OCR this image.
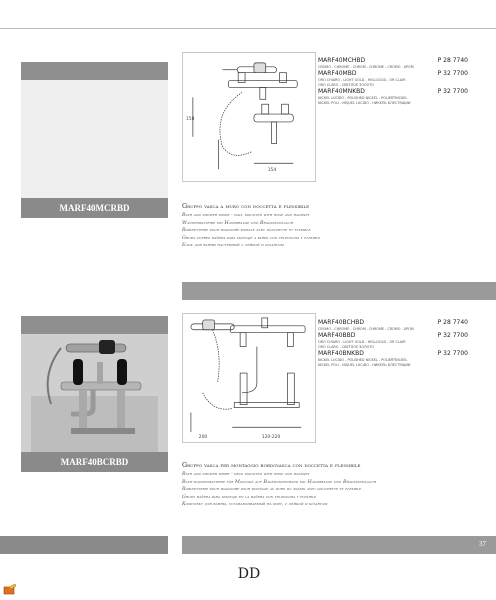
MARF40MCRBD
MARF40BCRBD
158
154
MARF40MCHBD	P 28 7740
CROMO - CHROME - CHROM - CHROME - CROMO - ХРОМ
MARF40MBD	P 32 7700
ORO CHIARO - LIGHT GOLD - HELLGOLD - OR CLAIR
ORO CLARO - СВЕТЛОЕ ЗОЛОТО
MARF40MNKBD	P 32 7700
NICKEL LUCIDO - POLISHED NICKEL - POLIERTNICKEL
NICKEL POLI - NÍQUEL LÚCIDO - НИКЕЛЬ БЛЕСТЯЩИЙ
Gruppo vasca a muro con doccetta e flessibile
Bath and shower mixer - wall mounted with hose and handset
Wannenbatterie mit Handbrause und Brauseschlauch
Robinetterie pour baignoire murale avec douchette et flexible
Grupo cuerpo bañera para montaje a pared con teleducha y flexible
Блок для ванны настенный с лейкой и шлангом
200	120-220
MARF40BCHBD	P 28 7740
CROMO - CHROME - CHROM - CHROME - CROMO - ХРОМ
MARF40BBD	P 32 7700
ORO CHIARO - LIGHT GOLD - HELLGOLD - OR CLAIR
ORO CLARO - СВЕТЛОЕ ЗОЛОТО
MARF40BNKBD	P 32 7700
NICKEL LUCIDO - POLISHED NICKEL - POLIERTNICKEL
NICKEL POLI - NÍQUEL LÚCIDO - НИКЕЛЬ БЛЕСТЯЩИЙ
Gruppo vasca per montaggio bordovasca con doccetta e flessibile
Bath and shower mixer - deck mounted with hose and handset
Bath-wannenbatterie für Montage auf Badewannenrand mit Handbrause und Brauseschlauch
Robinetterie pour baignoire pour montage au bord du bassin avec douchette et flexible
Grupo bañera para montaje en la bañera con teleducha y flexible
Комплект для ванны, устанавливаемый на борт, с лейкой и шлангом
37
DD
